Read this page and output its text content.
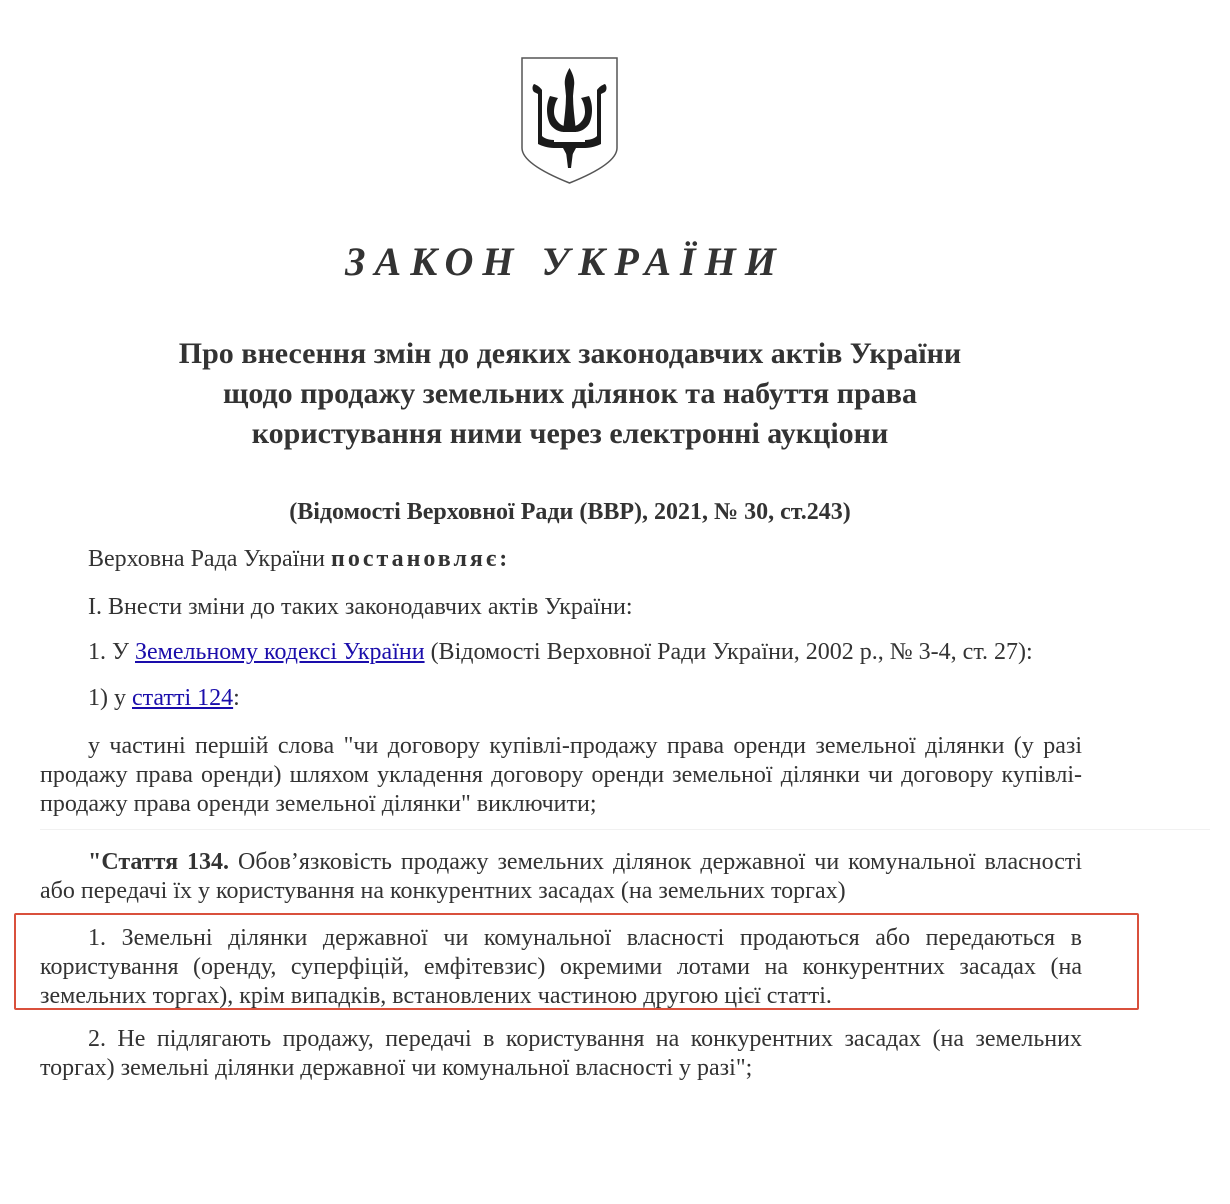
ЗАКОН УКРАЇНИ
Про внесення змін до деяких законодавчих актів України
щодо продажу земельних ділянок та набуття права
користування ними через електронні аукціони
(Відомості Верховної Ради (ВВР), 2021, № 30, ст.243)
Верховна Рада України постановляє:
I. Внести зміни до таких законодавчих актів України:
1. У Земельному кодексі України (Відомості Верховної Ради України, 2002 р., № 3-4, ст. 27):
1) у статті 124:
у частині першій слова "чи договору купівлі-продажу права оренди земельної ділянки (у разі продажу права оренди) шляхом укладення договору оренди земельної ділянки чи договору купівлі-продажу права оренди земельної ділянки" виключити;
"Стаття 134. Обов’язковість продажу земельних ділянок державної чи комунальної власності або передачі їх у користування на конкурентних засадах (на земельних торгах)
1. Земельні ділянки державної чи комунальної власності продаються або передаються в користування (оренду, суперфіцій, емфітевзис) окремими лотами на конкурентних засадах (на земельних торгах), крім випадків, встановлених частиною другою цієї статті.
2. Не підлягають продажу, передачі в користування на конкурентних засадах (на земельних торгах) земельні ділянки державної чи комунальної власності у разі";
